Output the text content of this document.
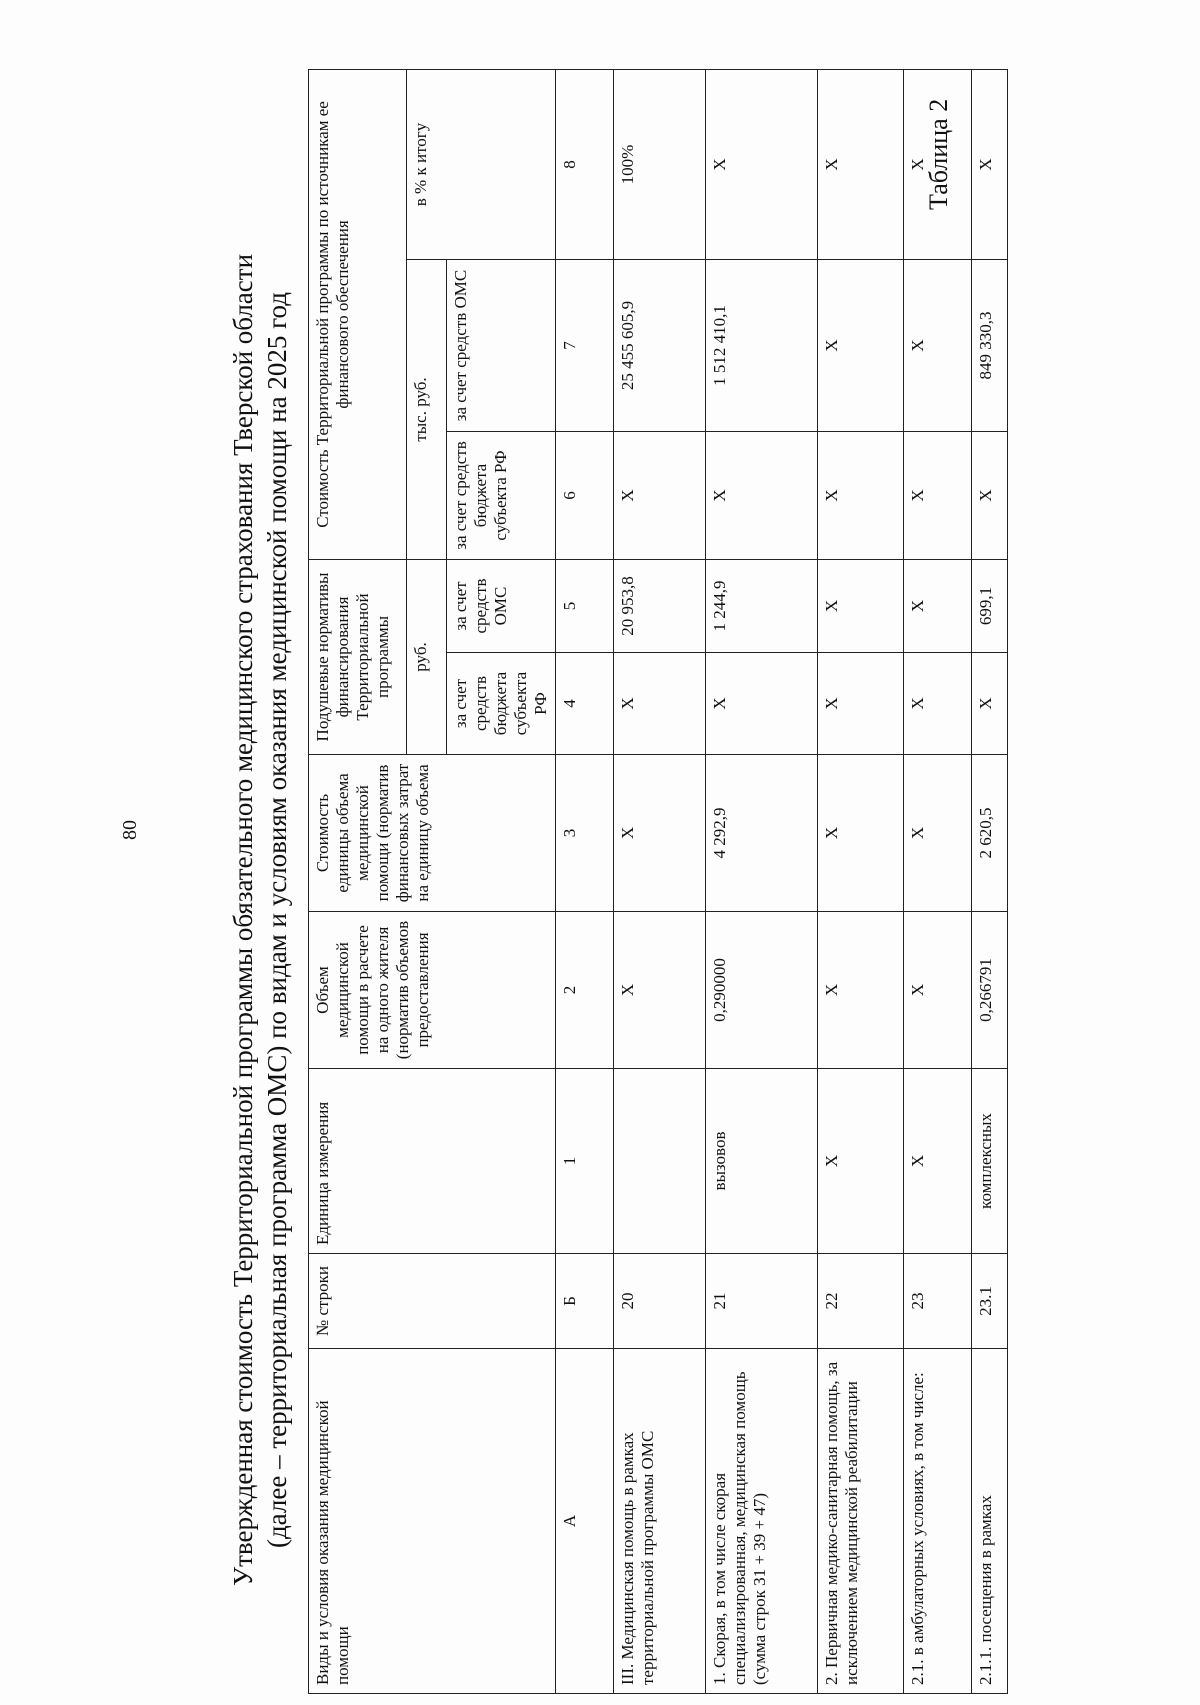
80
Таблица 2
Утвержденная стоимость Территориальной программы обязательного медицинского страхования Тверской области (далее – территориальная программа ОМС) по видам и условиям оказания медицинской помощи на 2025 год Виды и условия оказания медицинской помощи	№ строки	Единица измерения	Объем медицинской помощи в расчете на одного жителя (норматив объемов предоставления	Стоимость единицы объема медицинской помощи (норматив финансовых затрат на единицу объема	Подушевые нормативы финансирования Территориальной программы		Стоимость Территориальной программы по источникам ее финансового обеспечения		
					руб.		тыс. руб.		в % к итогу
					за счет средств бюджета субъекта РФ	за счет средств ОМС	за счет средств бюджета субъекта РФ	за счет средств ОМС	
А	Б	1	2	3	4	5	6	7	8
III. Медицинская помощь в рамках территориальной программы ОМС	20		Х	Х	Х	20 953,8	Х	25 455 605,9	100%
1. Скорая, в том числе скорая специализированная, медицинская помощь (сумма строк 31 + 39 + 47)	21	вызовов	0,290000	4 292,9	Х	1 244,9	Х	1 512 410,1	Х
2. Первичная медико-санитарная помощь, за исключением медицинской реабилитации	22	Х	Х	Х	Х	Х	Х	Х	Х
2.1. в амбулаторных условиях, в том числе:	23	Х	Х	Х	Х	Х	Х	Х	Х
2.1.1. посещения в рамках	23.1	комплексных	0,266791	2 620,5	Х	699,1	Х	849 330,3	Х
